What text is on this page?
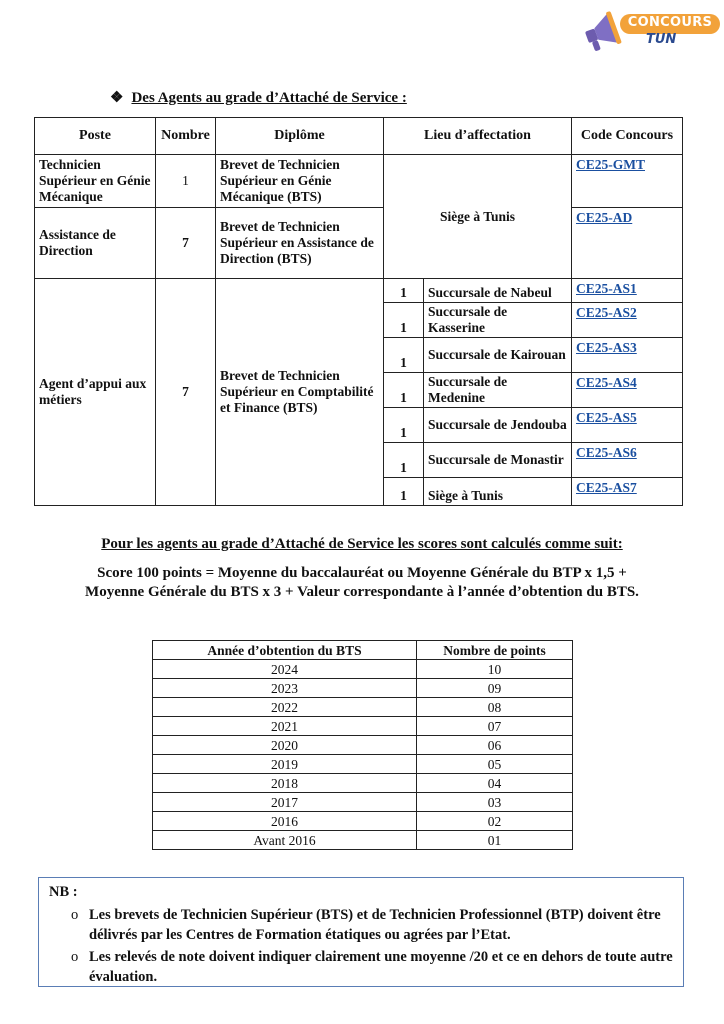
CONCOURS
TUN
❖ Des Agents au grade d’Attaché de Service :
Poste	Nombre	Diplôme	Lieu d’affectation		Code Concours
Technicien Supérieur en Génie Mécanique	1	Brevet de Technicien Supérieur en Génie Mécanique (BTS)	Siège à Tunis		CE25-GMT
Assistance de Direction	7	Brevet de Technicien Supérieur en Assistance de Direction (BTS)			CE25-AD
Agent d’appui aux métiers	7	Brevet de Technicien Supérieur en Comptabilité et Finance (BTS)	1	Succursale de Nabeul	CE25-AS1
			1	Succursale de Kasserine	CE25-AS2
			1	Succursale de Kairouan	CE25-AS3
			1	Succursale de Medenine	CE25-AS4
			1	Succursale de Jendouba	CE25-AS5
			1	Succursale de Monastir	CE25-AS6
			1	Siège à Tunis	CE25-AS7
Pour les agents au grade d’Attaché de Service les scores sont calculés comme suit:
Score 100 points = Moyenne du baccalauréat ou Moyenne Générale du BTP x 1,5 + Moyenne Générale du BTS x 3 + Valeur correspondante à l’année d’obtention du BTS.
Année d’obtention du BTS	Nombre de points
2024	10
2023	09
2022	08
2021	07
2020	06
2019	05
2018	04
2017	03
2016	02
Avant 2016	01
NB :
o Les brevets de Technicien Supérieur (BTS) et de Technicien Professionnel (BTP) doivent être délivrés par les Centres de Formation étatiques ou agrées par l’Etat.
o Les relevés de note doivent indiquer clairement une moyenne /20 et ce en dehors de toute autre évaluation.
